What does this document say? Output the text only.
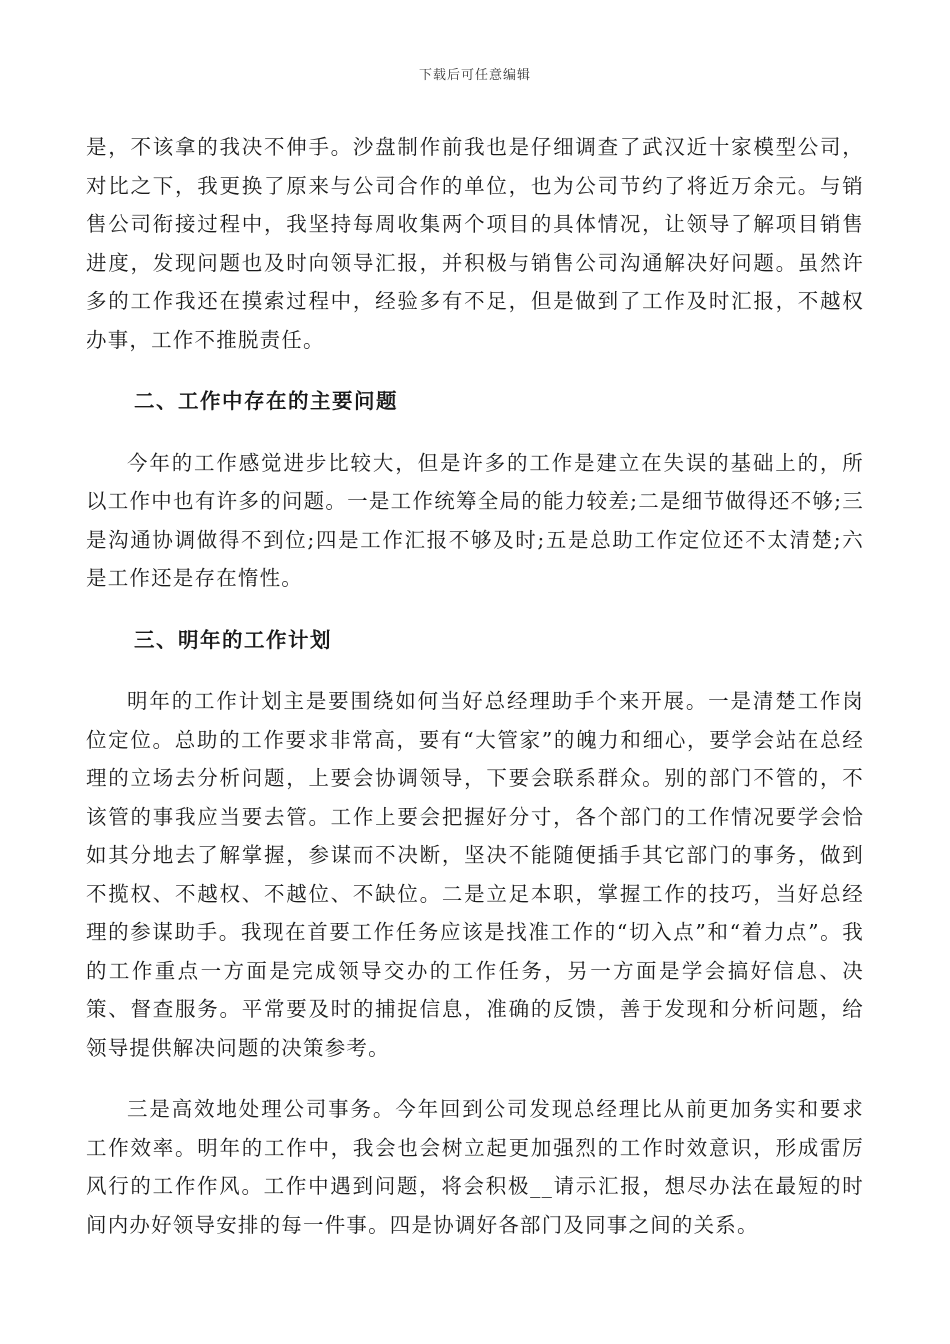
下载后可任意编辑

是，不该拿的我决不伸手。沙盘制作前我也是仔细调查了武汉近十家模型公司，对比之下，我更换了原来与公司合作的单位，也为公司节约了将近万余元。与销售公司衔接过程中，我坚持每周收集两个项目的具体情况，让领导了解项目销售进度，发现问题也及时向领导汇报，并积极与销售公司沟通解决好问题。虽然许多的工作我还在摸索过程中，经验多有不足，但是做到了工作及时汇报，不越权办事，工作不推脱责任。

二、工作中存在的主要问题

今年的工作感觉进步比较大，但是许多的工作是建立在失误的基础上的，所以工作中也有许多的问题。一是工作统筹全局的能力较差;二是细节做得还不够;三是沟通协调做得不到位;四是工作汇报不够及时;五是总助工作定位还不太清楚;六是工作还是存在惰性。

三、明年的工作计划

明年的工作计划主是要围绕如何当好总经理助手个来开展。一是清楚工作岗位定位。总助的工作要求非常高，要有“大管家”的魄力和细心，要学会站在总经理的立场去分析问题，上要会协调领导，下要会联系群众。别的部门不管的，不该管的事我应当要去管。工作上要会把握好分寸，各个部门的工作情况要学会恰如其分地去了解掌握，参谋而不决断，坚决不能随便插手其它部门的事务，做到不揽权、不越权、不越位、不缺位。二是立足本职，掌握工作的技巧，当好总经理的参谋助手。我现在首要工作任务应该是找准工作的“切入点”和“着力点”。我的工作重点一方面是完成领导交办的工作任务，另一方面是学会搞好信息、决策、督查服务。平常要及时的捕捉信息，准确的反馈，善于发现和分析问题，给领导提供解决问题的决策参考。

三是高效地处理公司事务。今年回到公司发现总经理比从前更加务实和要求工作效率。明年的工作中，我会也会树立起更加强烈的工作时效意识，形成雷厉风行的工作作风。工作中遇到问题，将会积极__请示汇报，想尽办法在最短的时间内办好领导安排的每一件事。四是协调好各部门及同事之间的关系。
